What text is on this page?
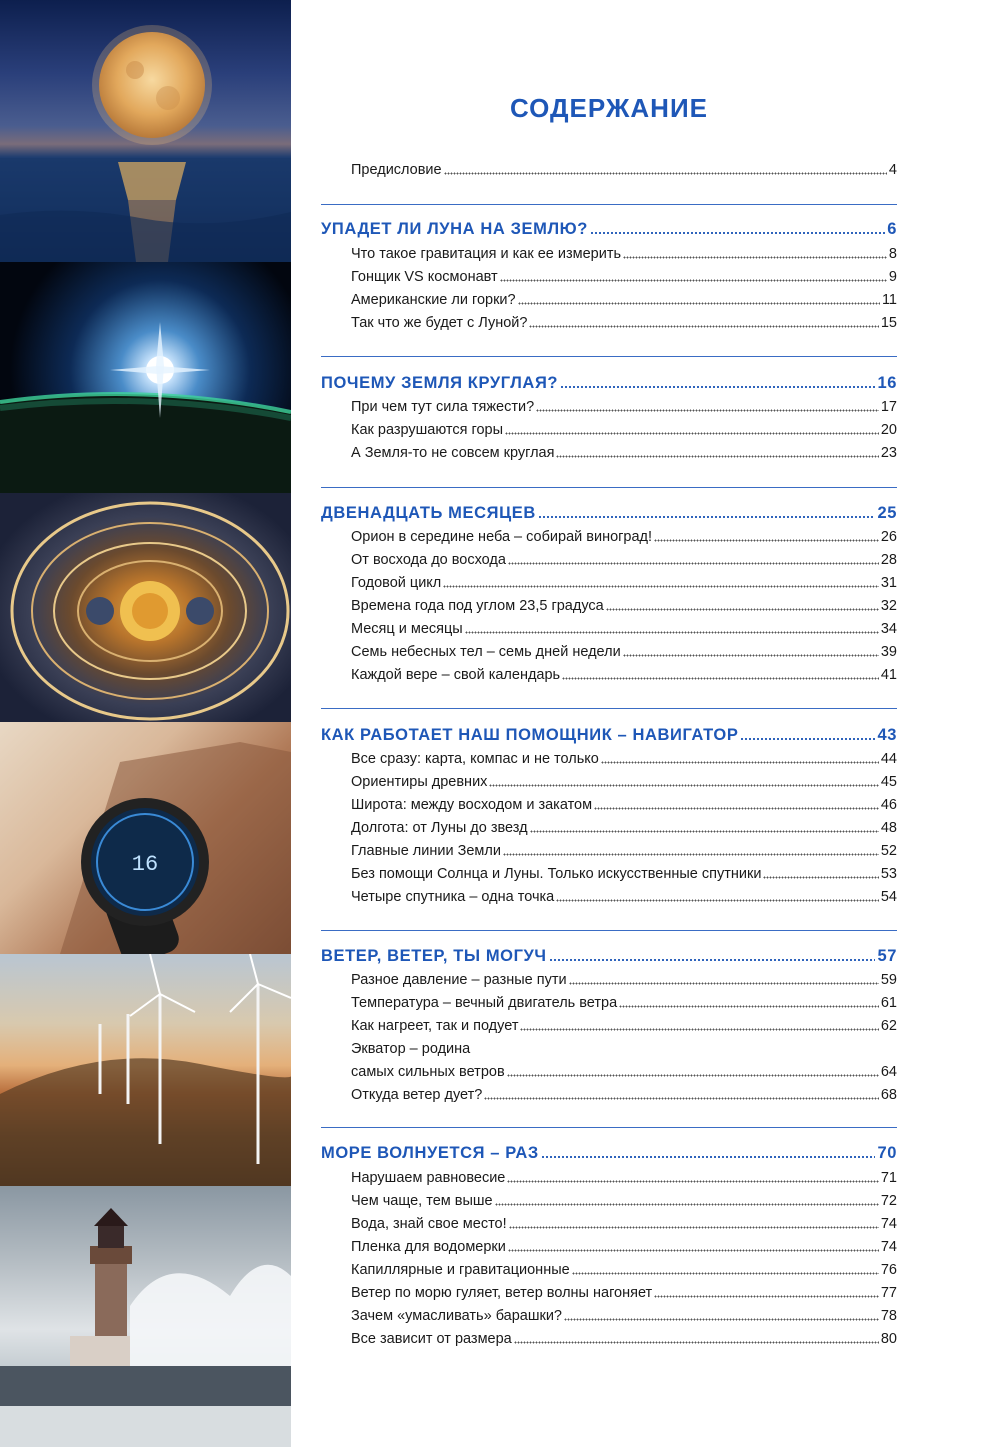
16
СОДЕРЖАНИЕ
Предисловие	4
УПАДЕТ ЛИ ЛУНА НА ЗЕМЛЮ?	6
Что такое гравитация и как ее измерить	8
Гонщик VS космонавт	9
Американские ли горки?	11
Так что же будет с Луной?	15
ПОЧЕМУ ЗЕМЛЯ КРУГЛАЯ?	16
При чем тут сила тяжести?	17
Как разрушаются горы	20
А Земля-то не совсем круглая	23
ДВЕНАДЦАТЬ МЕСЯЦЕВ	25
Орион в середине неба – собирай виноград!	26
От восхода до восхода	28
Годовой цикл	31
Времена года под углом 23,5 градуса	32
Месяц и месяцы	34
Семь небесных тел – семь дней недели	39
Каждой вере – свой календарь	41
КАК РАБОТАЕТ НАШ ПОМОЩНИК – НАВИГАТОР	43
Все сразу: карта, компас и не только	44
Ориентиры древних	45
Широта: между восходом и закатом	46
Долгота: от Луны до звезд	48
Главные линии Земли	52
Без помощи Солнца и Луны. Только искусственные спутники	53
Четыре спутника – одна точка	54
ВЕТЕР, ВЕТЕР, ТЫ МОГУЧ	57
Разное давление – разные пути	59
Температура – вечный двигатель ветра	61
Как нагреет, так и подует	62
Экватор – родина
самых сильных ветров	64
Откуда ветер дует?	68
МОРЕ ВОЛНУЕТСЯ – РАЗ	70
Нарушаем равновесие	71
Чем чаще, тем выше	72
Вода, знай свое место!	74
Пленка для водомерки	74
Капиллярные и гравитационные	76
Ветер по морю гуляет, ветер волны нагоняет	77
Зачем «умасливать» барашки?	78
Все зависит от размера	80
